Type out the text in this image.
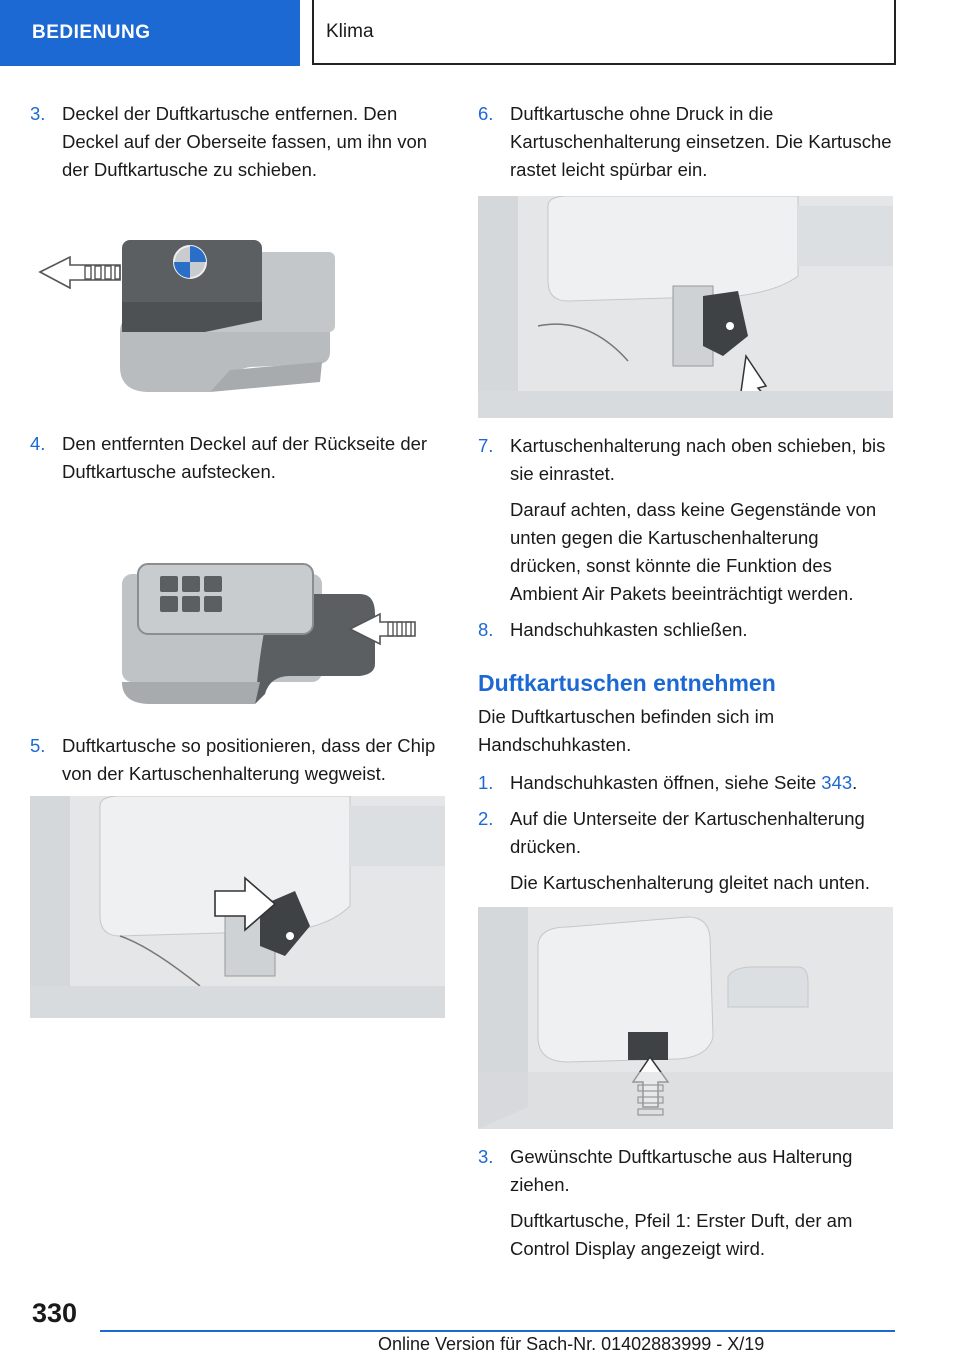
BEDIENUNG	Klima
3. Deckel der Duftkartusche entfernen. Den Deckel auf der Oberseite fassen, um ihn von der Duftkartusche zu schieben.
4. Den entfernten Deckel auf der Rückseite der Duftkartusche aufstecken.
5. Duftkartusche so positionieren, dass der Chip von der Kartuschenhalterung wegweist.
6. Duftkartusche ohne Druck in die Kartuschenhalterung einsetzen. Die Kartusche rastet leicht spürbar ein.
7. Kartuschenhalterung nach oben schieben, bis sie einrastet.
Darauf achten, dass keine Gegenstände von unten gegen die Kartuschenhalterung drücken, sonst könnte die Funktion des Ambient Air Pakets beeinträchtigt werden.
8. Handschuhkasten schließen.
Duftkartuschen entnehmen
Die Duftkartuschen befinden sich im Handschuhkasten.
1. Handschuhkasten öffnen, siehe Seite 343.
2. Auf die Unterseite der Kartuschenhalterung drücken.
Die Kartuschenhalterung gleitet nach unten.
3. Gewünschte Duftkartusche aus Halterung ziehen.
Duftkartusche, Pfeil 1: Erster Duft, der am Control Display angezeigt wird.
330
Online Version für Sach-Nr. 01402883999 - X/19
